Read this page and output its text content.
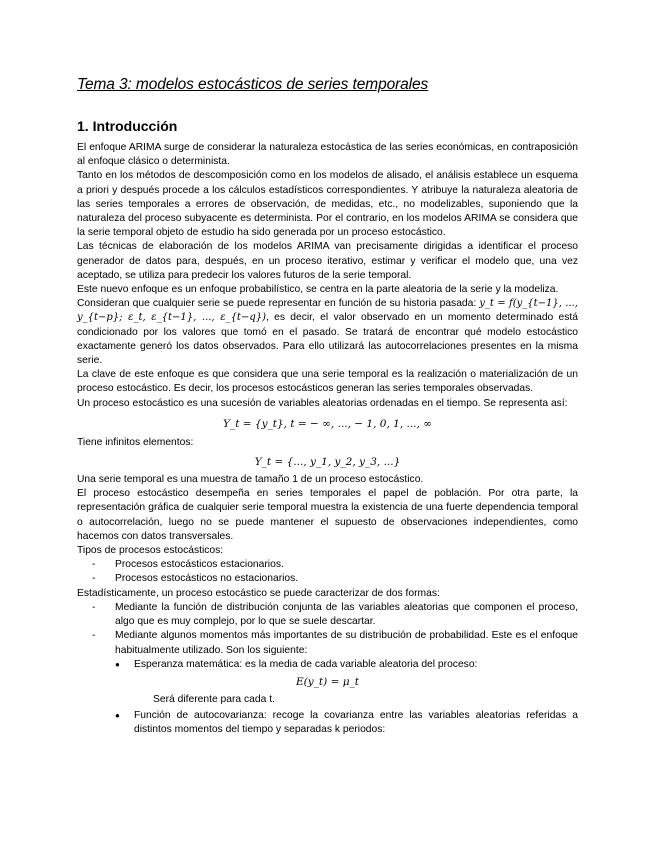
Tema 3: modelos estocásticos de series temporales
1. Introducción

El enfoque ARIMA surge de considerar la naturaleza estocástica de las series económicas, en contraposición al enfoque clásico o determinista.

Tanto en los métodos de descomposición como en los modelos de alisado, el análisis establece un esquema a priori y después procede a los cálculos estadísticos correspondientes. Y atribuye la naturaleza aleatoria de las series temporales a errores de observación, de medidas, etc., no modelizables, suponiendo que la naturaleza del proceso subyacente es determinista. Por el contrario, en los modelos ARIMA se considera que la serie temporal objeto de estudio ha sido generada por un proceso estocástico.

Las técnicas de elaboración de los modelos ARIMA van precisamente dirigidas a identificar el proceso generador de datos para, después, en un proceso iterativo, estimar y verificar el modelo que, una vez aceptado, se utiliza para predecir los valores futuros de la serie temporal.

Este nuevo enfoque es un enfoque probabilístico, se centra en la parte aleatoria de la serie y la modeliza.

Consideran que cualquier serie se puede representar en función de su historia pasada: y_t = f(y_{t−1}, ..., y_{t−p}; ε_t, ε_{t−1}, ..., ε_{t−q}), es decir, el valor observado en un momento determinado está condicionado por los valores que tomó en el pasado. Se tratará de encontrar qué modelo estocástico exactamente generó los datos observados. Para ello utilizará las autocorrelaciones presentes en la misma serie.

La clave de este enfoque es que considera que una serie temporal es la realización o materialización de un proceso estocástico. Es decir, los procesos estocásticos generan las series temporales observadas.

Un proceso estocástico es una sucesión de variables aleatorias ordenadas en el tiempo. Se representa así:

Y_t = {y_t}, t = − ∞, ..., − 1, 0, 1, ..., ∞

Tiene infinitos elementos:

Y_t = {..., y_1, y_2, y_3, ...}

Una serie temporal es una muestra de tamaño 1 de un proceso estocástico.

El proceso estocástico desempeña en series temporales el papel de población. Por otra parte, la representación gráfica de cualquier serie temporal muestra la existencia de una fuerte dependencia temporal o autocorrelación, luego no se puede mantener el supuesto de observaciones independientes, como hacemos con datos transversales.

Tipos de procesos estocásticos:

- Procesos estocásticos estacionarios.
- Procesos estocásticos no estacionarios.

Estadísticamente, un proceso estocástico se puede caracterizar de dos formas:

- Mediante la función de distribución conjunta de las variables aleatorias que componen el proceso, algo que es muy complejo, por lo que se suele descartar.
- Mediante algunos momentos más importantes de su distribución de probabilidad. Este es el enfoque habitualmente utilizado. Son los siguiente:
● Esperanza matemática: es la media de cada variable aleatoria del proceso:
E(y_t) = μ_t

Será diferente para cada t.

● Función de autocovarianza: recoge la covarianza entre las variables aleatorias referidas a distintos momentos del tiempo y separadas k periodos:
